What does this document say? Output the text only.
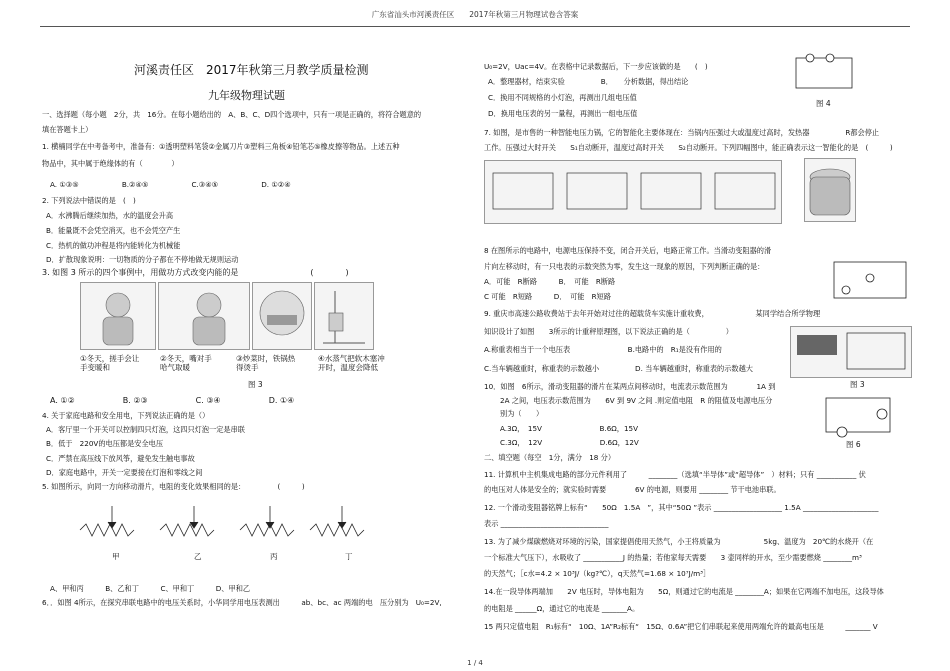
广东省汕头市河溪责任区　　2017年秋第三月物理试卷含答案
河溪责任区　2017年秋第三月教学质量检测
九年级物理试题
一、选择题（每小题　2分，共　16分。在每小题给出的　A、B、C、D四个选项中，只有一项是正确的，将符合题意的
填在答题卡上）
1. 横楠同学在中考备考中，准备有：①透明塑料笔袋②金属刀片③塑料三角板④铅笔芯⑤橡皮擦等物品。上述五种
物品中，其中属于绝缘体的有（　　　　）
A. ①③⑤　　　　　　B.②④⑤　　　　　　C.③④⑤　　　　　　D. ①②④
2. 下列说法中错误的是　(　)
A．水沸腾后继续加热，水的温度会升高
B．能量既不会凭空消灭，也不会凭空产生
C．热机的做功冲程是将内能转化为机械能
D．扩散现象说明：一切物质的分子都在不停地做无规则运动
3. 如图 3 所示的四个事例中，用做功方式改变内能的是　　　　　　　　　(　　　　)
①冬天，搓手会让
手变暖和
②冬天，嘴对手
哈气取暖
③炒菜时，铁锅热
得烫手
④水蒸气把软木塞冲
开时，温度会降低
图 3
A. ①②　　　　　　B. ②③　　　　　　C. ③④　　　　　　D. ①④
4. 关于家庭电路和安全用电，下列说法正确的是（）
A．客厅里一个开关可以控制四只灯泡，这四只灯泡一定是串联
B．低于　220V的电压都是安全电压
C．严禁在高压线下放风筝，避免发生触电事故
D．家庭电路中，开关一定要接在灯泡和零线之间
5. 如图所示，向同一方向移动滑片，电阻的变化效果相同的是：　　　　　(　　　)
甲	乙	丙	丁
A、甲和丙　　　B、乙和丁　　　C、甲和丁　　　D、甲和乙
6．．如图 4所示，在探究串联电路中的电压关系时，小华同学用电压表测出　　　ab、bc、ac 两端的电　压分别为　U₀=2V,
U₀=2V，Uac=4V。在表格中记录数据后，下一步应该做的是　　(　)
A．整理器材，结束实验　　　　　B．　　分析数据，得出结论
C．换用不同规格的小灯泡，再测出几组电压值
D．换用电压表的另一量程，再测出一组电压值
图 4
7. 如图，是市售的一种智能电压力锅，它的智能化主要体现在：当锅内压强过大或温度过高时，发热器　　　　　R都会停止
工作。压强过大时开关　　S₁自动断开，温度过高时开关　　S₂自动断开。下列四幅图中，能正确表示这一智能化的是　(　　　)
8 在图所示的电路中，电源电压保持不变，闭合开关后，电路正常工作。当滑动变阻器的滑
片向左移动时，有一只电表的示数突然为零，发生这一现象的原因，下列判断正确的是：
A．可能　R断路　　　B．　可能　R断路
C 可能　R短路　　　D．　可能　R短路
9. 重庆市高速公路收费站于去年开始对过往的超载货车实施计重收费，　　　　　　　某同学结合所学物理
知识设计了如图　　3所示的计重秤原理图，以下说法正确的是（　　　　　）
A.称重表相当于一个电压表　　　　　　　　B.电路中的　R₁是没有作用的
C.当车辆越重时，称重表的示数越小　　　　　D. 当车辆越重时，称重表的示数越大
图 3
10．如图　6所示，滑动变阻器的滑片在某两点间移动时，电流表示数范围为　　　　1A 到
2A 之间，电压表示数范围为　　6V 到 9V 之间 .则定值电阻　R 的阻值及电源电压分
别为（　　）
A.3Ω，　15V　　　　　　　　B.6Ω，15V
C.3Ω，　12V　　　　　　　　D.6Ω，12V	图 6
二、填空题（每空　1分，满分　18 分）
11. 计算机中主机集成电路的部分元件利用了　　　________（选填“半导体”或“超导体”　）材料；只有 ___________ 伏
的电压对人体是安全的；就实验时需要　　　　6V 的电源，则要用 ________ 节干电池串联。
12. 一个滑动变阻器铭牌上标有“　　50Ω　1.5A　”，其中“50Ω ”表示 ___________________ 1.5A _____________________
表示 ______________________________
13. 为了减少煤碳燃烧对环境的污染，国家提倡使用天然气，小王将质量为　　　　　　5kg、温度为　20℃的水烧开（在
一个标准大气压下），水吸收了 ___________J 的热量；若他家每天需要　　3 壶同样的开水，至少需要燃烧 ________m³
的天然气；［c水=4.2 × 10³J/（kg?℃），q天然气=1.68 × 10⁷J/m³］
14.在一段导体两端加　　2V 电压时，导体电阻为　　5Ω，则通过它的电流是 ________A；如果在它两端不加电压，这段导体
的电阻是 ______Ω，通过它的电流是 _______A。
15 两只定值电阻　R₁标有“　10Ω、1A”R₂标有“　15Ω、0.6A”把它们串联起来使用两端允许的最高电压是　　　_______ V
1 / 4
